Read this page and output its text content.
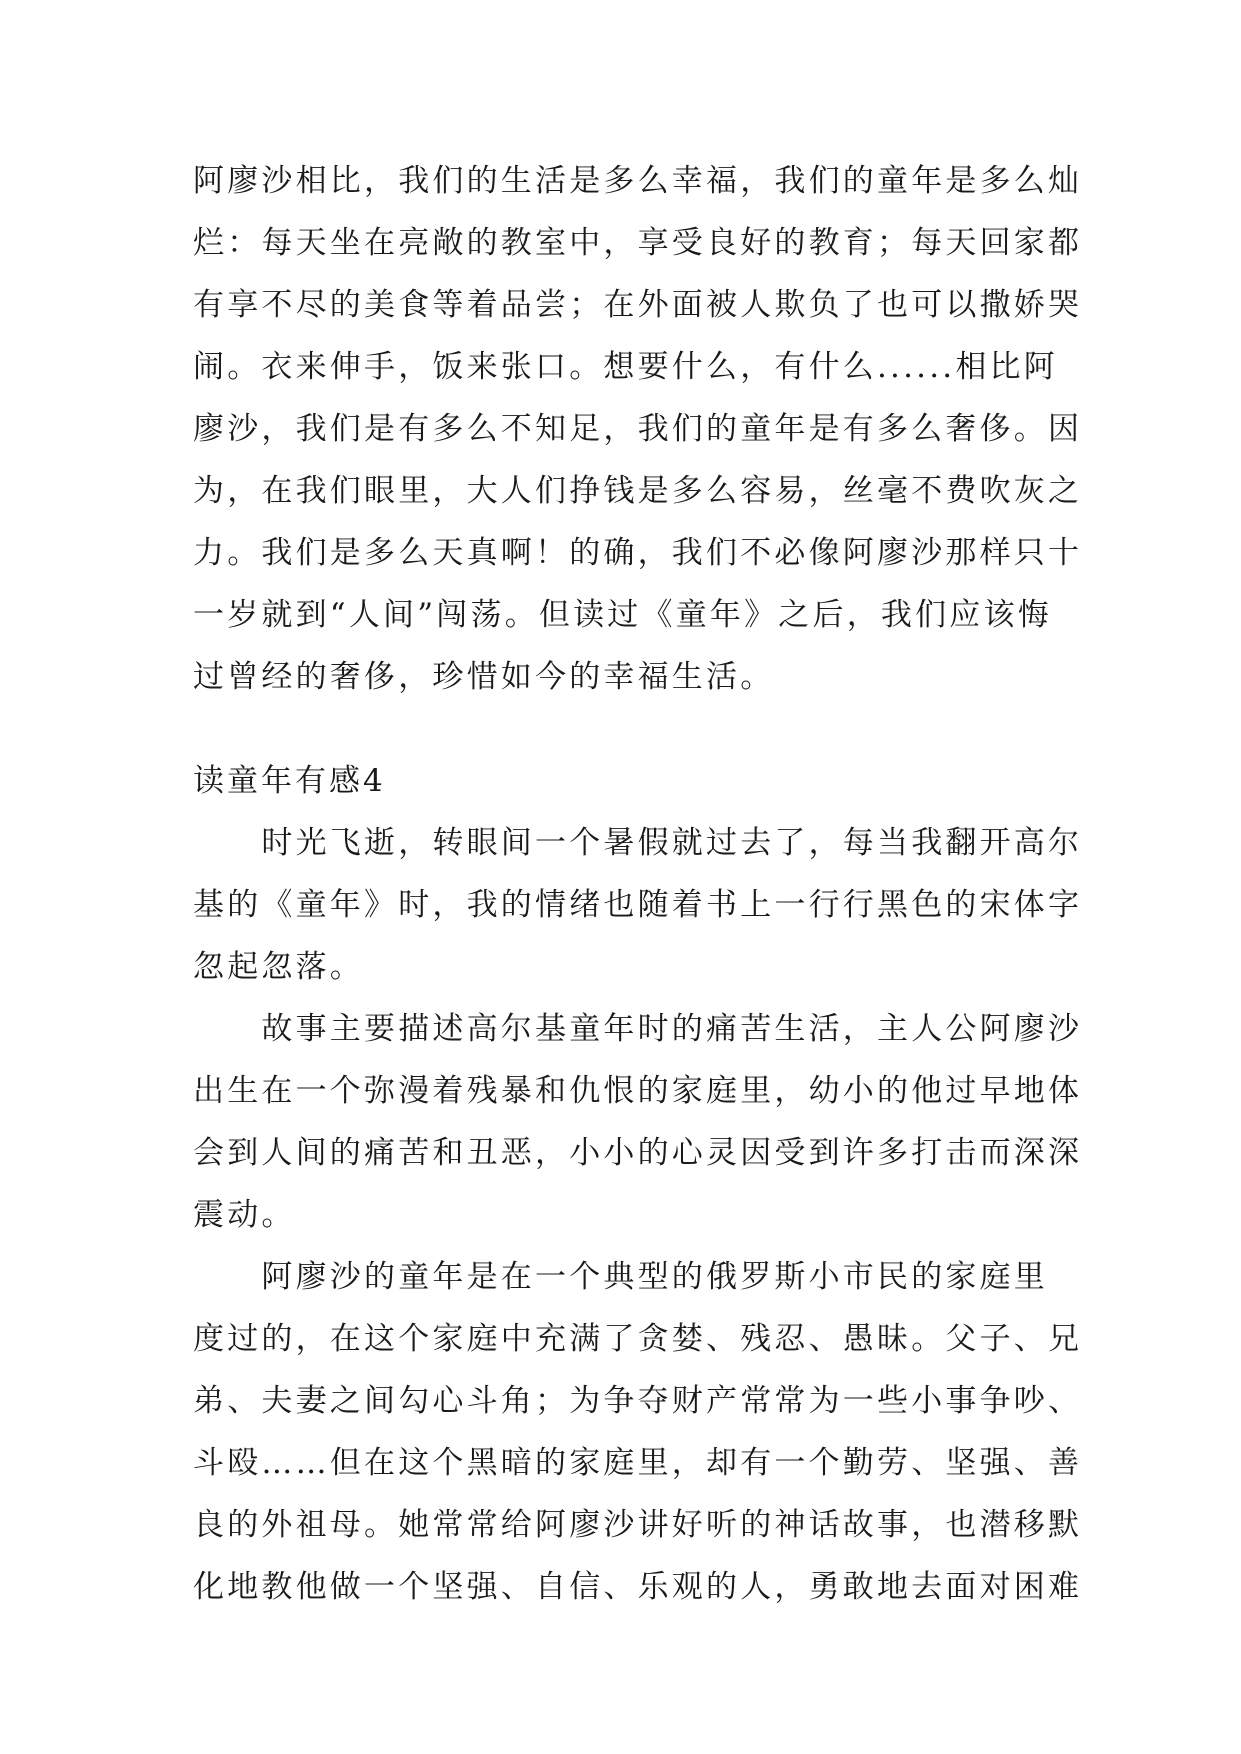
阿廖沙相比，我们的生活是多么幸福，我们的童年是多么灿
烂：每天坐在亮敞的教室中，享受良好的教育；每天回家都
有享不尽的美食等着品尝；在外面被人欺负了也可以撒娇哭
闹。衣来伸手，饭来张口。想要什么，有什么......相比阿
廖沙，我们是有多么不知足，我们的童年是有多么奢侈。因
为，在我们眼里，大人们挣钱是多么容易，丝毫不费吹灰之
力。我们是多么天真啊！的确，我们不必像阿廖沙那样只十
一岁就到“人间”闯荡。但读过《童年》之后，我们应该悔
过曾经的奢侈，珍惜如今的幸福生活。
读童年有感4
　　时光飞逝，转眼间一个暑假就过去了，每当我翻开高尔
基的《童年》时，我的情绪也随着书上一行行黑色的宋体字
忽起忽落。
　　故事主要描述高尔基童年时的痛苦生活，主人公阿廖沙
出生在一个弥漫着残暴和仇恨的家庭里，幼小的他过早地体
会到人间的痛苦和丑恶，小小的心灵因受到许多打击而深深
震动。
　　阿廖沙的童年是在一个典型的俄罗斯小市民的家庭里
度过的，在这个家庭中充满了贪婪、残忍、愚昧。父子、兄
弟、夫妻之间勾心斗角；为争夺财产常常为一些小事争吵、
斗殴……但在这个黑暗的家庭里，却有一个勤劳、坚强、善
良的外祖母。她常常给阿廖沙讲好听的神话故事，也潜移默
化地教他做一个坚强、自信、乐观的人，勇敢地去面对困难
